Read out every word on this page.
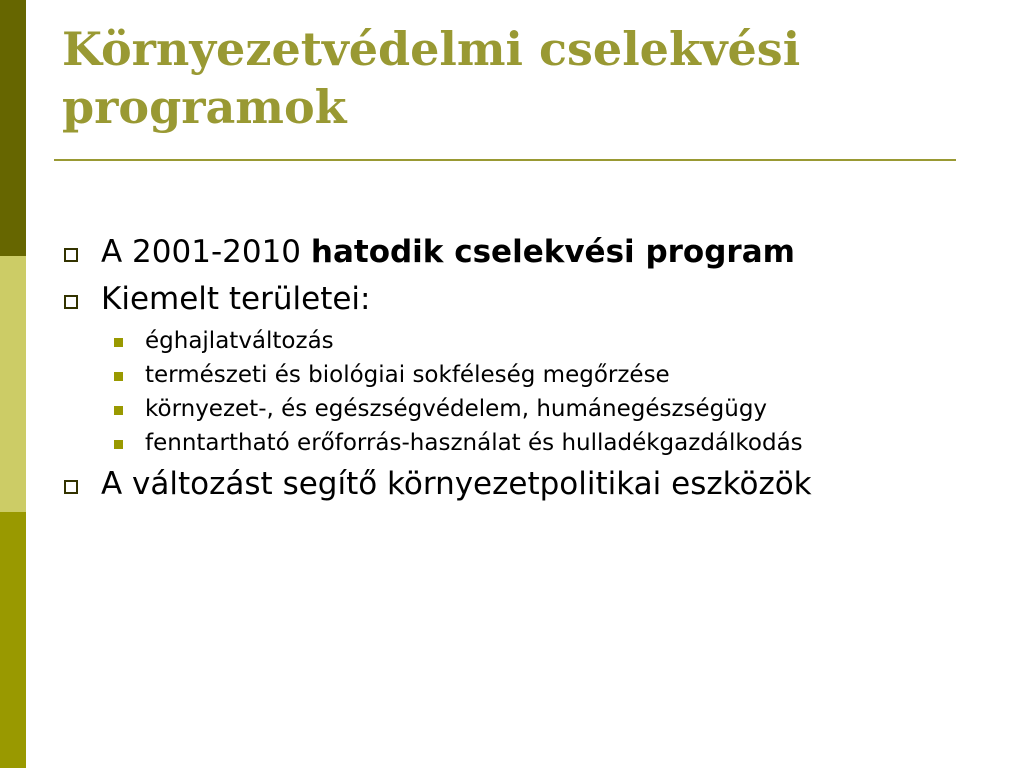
Környezetvédelmi cselekvési programok
A 2001-2010 hatodik cselekvési program
Kiemelt területei:
éghajlatváltozás
természeti és biológiai sokféleség megőrzése
környezet-, és egészségvédelem, humánegészségügy
fenntartható erőforrás-használat és hulladékgazdálkodás
A változást segítő környezetpolitikai eszközök
